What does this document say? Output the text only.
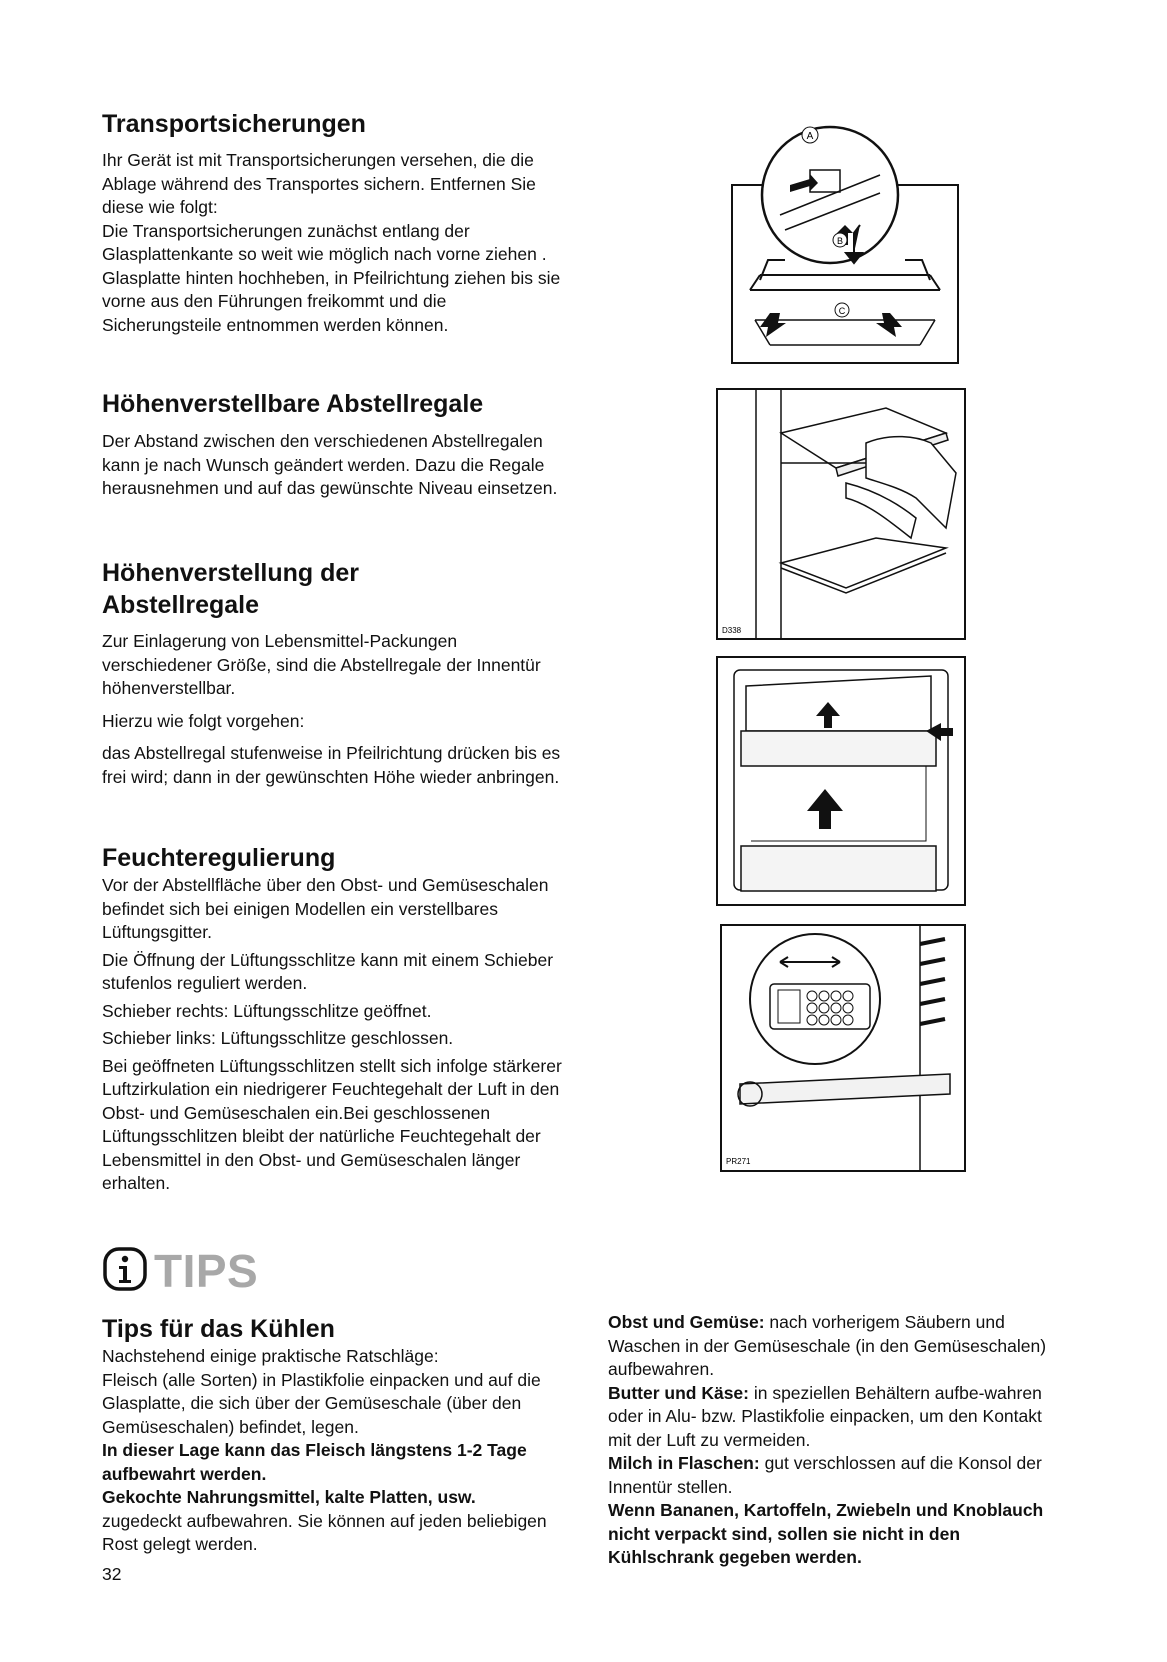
Transportsicherungen

Ihr Gerät ist mit Transportsicherungen versehen, die die Ablage während des Transportes sichern. Entfernen Sie diese wie folgt:

Die Transportsicherungen zunächst entlang der Glasplattenkante so weit wie möglich nach vorne ziehen . Glasplatte hinten hochheben, in Pfeilrichtung ziehen bis sie vorne aus den Führungen freikommt und die Sicherungsteile entnommen werden können.

Höhenverstellbare Abstellregale

Der Abstand zwischen den verschiedenen Abstellregalen kann je nach Wunsch geändert werden. Dazu die Regale herausnehmen und auf das gewünschte Niveau einsetzen.

Höhenverstellung der
Abstellregale

Zur Einlagerung von Lebensmittel-Packungen verschiedener Größe, sind die Abstellregale der Innentür höhenverstellbar.

Hierzu wie folgt vorgehen:

das Abstellregal stufenweise in Pfeilrichtung drücken bis es frei wird; dann in der gewünschten Höhe wieder anbringen.

Feuchteregulierung

Vor der Abstellfläche über den Obst- und Gemüseschalen befindet sich bei einigen Modellen ein verstellbares Lüftungsgitter.

Die Öffnung der Lüftungsschlitze kann mit einem Schieber stufenlos reguliert werden.

Schieber rechts: Lüftungsschlitze geöffnet.

Schieber links: Lüftungsschlitze geschlossen.

Bei geöffneten Lüftungsschlitzen stellt sich infolge stärkerer Luftzirkulation ein niedrigerer Feuchtegehalt der Luft in den Obst- und Gemüseschalen ein.Bei geschlossenen Lüftungsschlitzen bleibt der natürliche Feuchtegehalt der Lebensmittel in den Obst- und Gemüseschalen länger erhalten.

TIPS
Tips für das Kühlen

Nachstehend einige praktische Ratschläge:

Fleisch (alle Sorten) in Plastikfolie einpacken und auf die Glasplatte, die sich über der Gemüseschale (über den Gemüseschalen) befindet, legen.

In dieser Lage kann das Fleisch längstens 1-2 Tage aufbewahrt werden.

Gekochte Nahrungsmittel, kalte Platten, usw.

zugedeckt aufbewahren. Sie können auf jeden beliebigen Rost gelegt werden.

32

Obst und Gemüse: nach vorherigem Säubern und Waschen in der Gemüseschale (in den Gemüseschalen) aufbewahren.

Butter und Käse: in speziellen Behältern aufbe-wahren oder in Alu- bzw. Plastikfolie einpacken, um den Kontakt mit der Luft zu vermeiden.

Milch in Flaschen: gut verschlossen auf die Konsol der Innentür stellen.

Wenn Bananen, Kartoffeln, Zwiebeln und Knoblauch nicht verpackt sind, sollen sie nicht in den Kühlschrank gegeben werden.

A
B
C
D338
PR271
